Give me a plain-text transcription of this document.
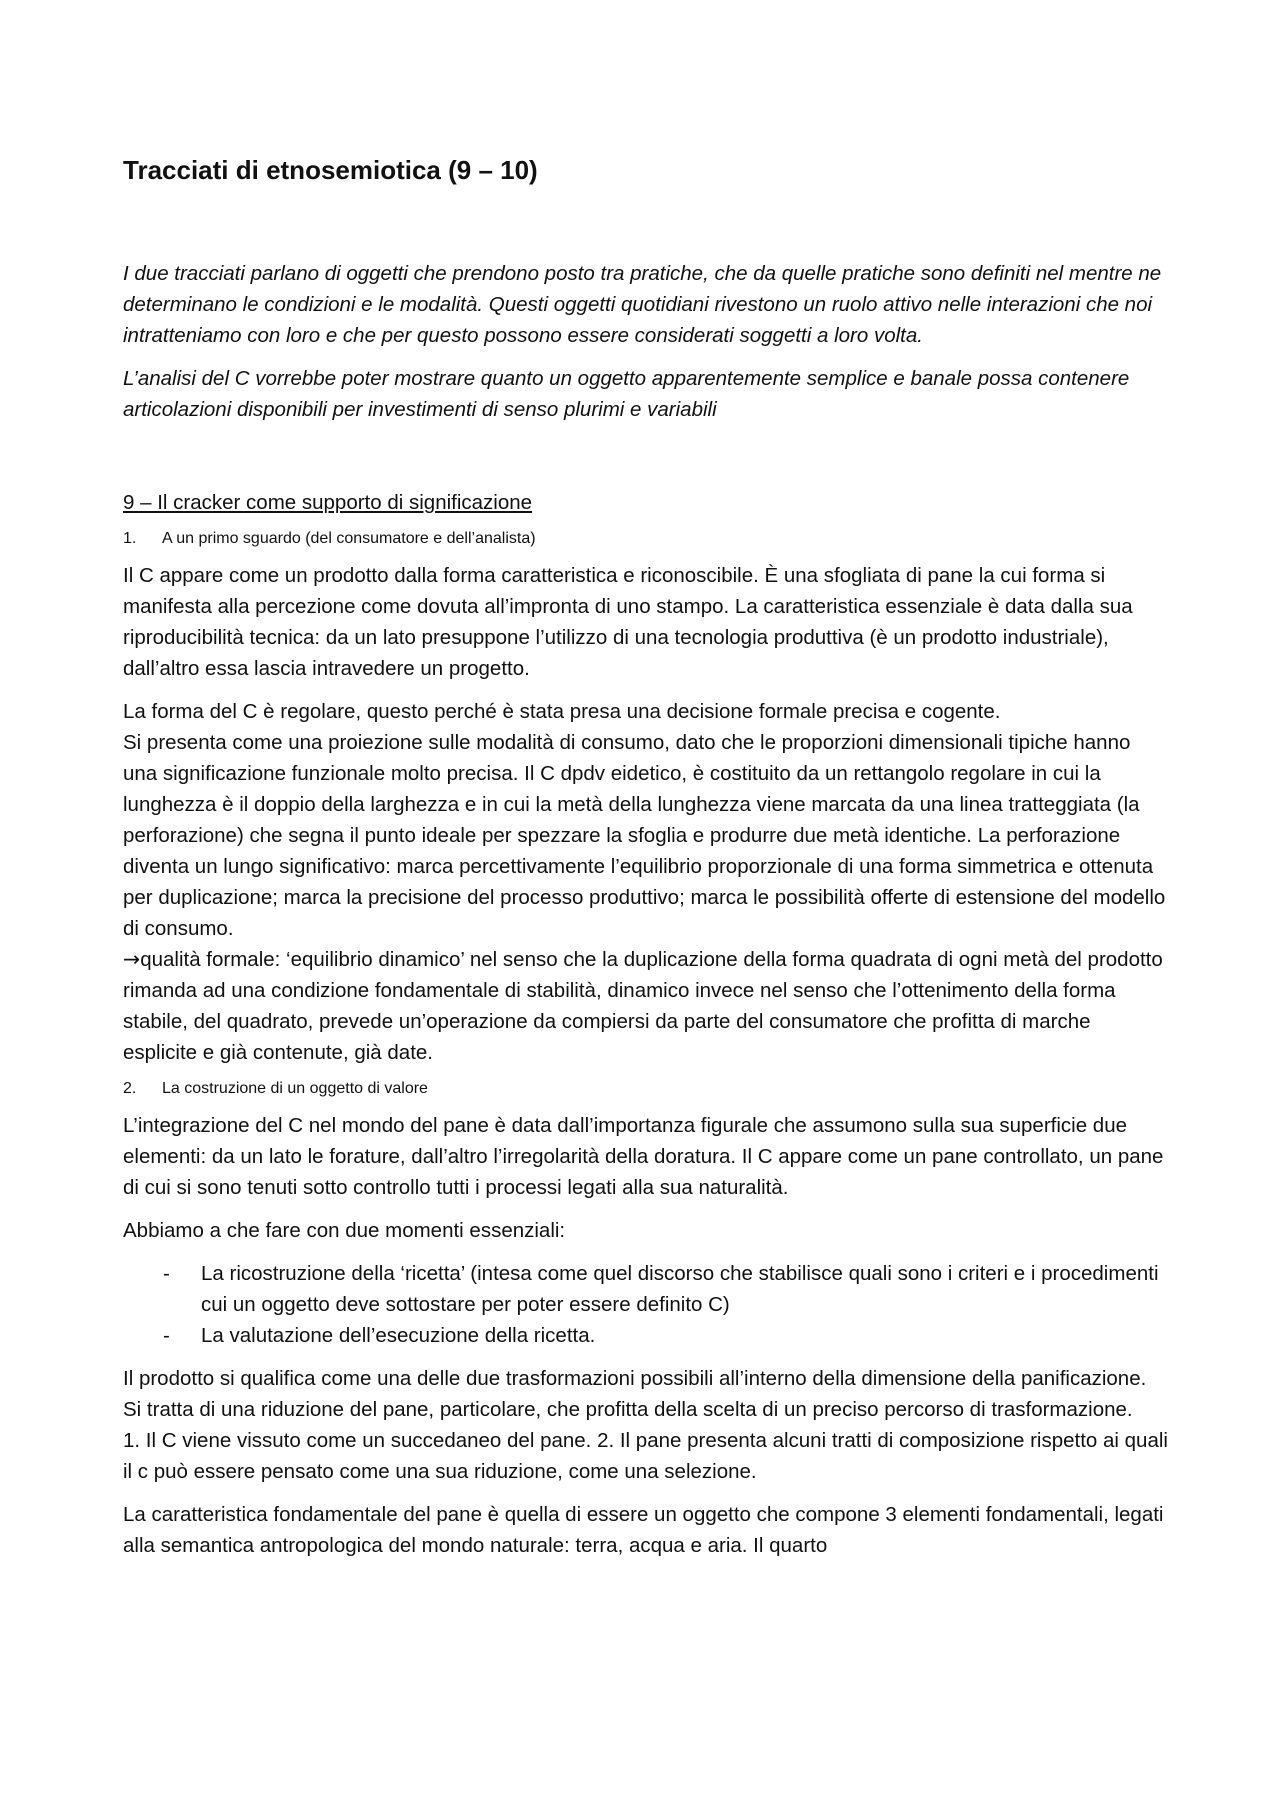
Tracciati di etnosemiotica (9 – 10)

I due tracciati parlano di oggetti che prendono posto tra pratiche, che da quelle pratiche sono definiti nel mentre ne determinano le condizioni e le modalità. Questi oggetti quotidiani rivestono un ruolo attivo nelle interazioni che noi intratteniamo con loro e che per questo possono essere considerati soggetti a loro volta.

L’analisi del C vorrebbe poter mostrare quanto un oggetto apparentemente semplice e banale possa contenere articolazioni disponibili per investimenti di senso plurimi e variabili

9 – Il cracker come supporto di significazione

1.	A un primo sguardo (del consumatore e dell’analista)

Il C appare come un prodotto dalla forma caratteristica e riconoscibile. È una sfogliata di pane la cui forma si manifesta alla percezione come dovuta all’impronta di uno stampo. La caratteristica essenziale è data dalla sua riproducibilità tecnica: da un lato presuppone l’utilizzo di una tecnologia produttiva (è un prodotto industriale), dall’altro essa lascia intravedere un progetto.

La forma del C è regolare, questo perché è stata presa una decisione formale precisa e cogente.

Si presenta come una proiezione sulle modalità di consumo, dato che le proporzioni dimensionali tipiche hanno una significazione funzionale molto precisa. Il C dpdv eidetico, è costituito da un rettangolo regolare in cui la lunghezza è il doppio della larghezza e in cui la metà della lunghezza viene marcata da una linea tratteggiata (la perforazione) che segna il punto ideale per spezzare la sfoglia e produrre due metà identiche. La perforazione diventa un lungo significativo: marca percettivamente l’equilibrio proporzionale di una forma simmetrica e ottenuta per duplicazione; marca la precisione del processo produttivo; marca le possibilità offerte di estensione del modello di consumo.

→qualità formale: ‘equilibrio dinamico’ nel senso che la duplicazione della forma quadrata di ogni metà del prodotto rimanda ad una condizione fondamentale di stabilità, dinamico invece nel senso che l’ottenimento della forma stabile, del quadrato, prevede un’operazione da compiersi da parte del consumatore che profitta di marche esplicite e già contenute, già date.

2.	La costruzione di un oggetto di valore

L’integrazione del C nel mondo del pane è data dall’importanza figurale che assumono sulla sua superficie due elementi: da un lato le forature, dall’altro l’irregolarità della doratura. Il C appare come un pane controllato, un pane di cui si sono tenuti sotto controllo tutti i processi legati alla sua naturalità.

Abbiamo a che fare con due momenti essenziali:

-	La ricostruzione della ‘ricetta’ (intesa come quel discorso che stabilisce quali sono i criteri e i procedimenti cui un oggetto deve sottostare per poter essere definito C)
-	La valutazione dell’esecuzione della ricetta.

Il prodotto si qualifica come una delle due trasformazioni possibili all’interno della dimensione della panificazione. Si tratta di una riduzione del pane, particolare, che profitta della scelta di un preciso percorso di trasformazione.

1. Il C viene vissuto come un succedaneo del pane. 2. Il pane presenta alcuni tratti di composizione rispetto ai quali il c può essere pensato come una sua riduzione, come una selezione.

La caratteristica fondamentale del pane è quella di essere un oggetto che compone 3 elementi fondamentali, legati alla semantica antropologica del mondo naturale: terra, acqua e aria. Il quarto
